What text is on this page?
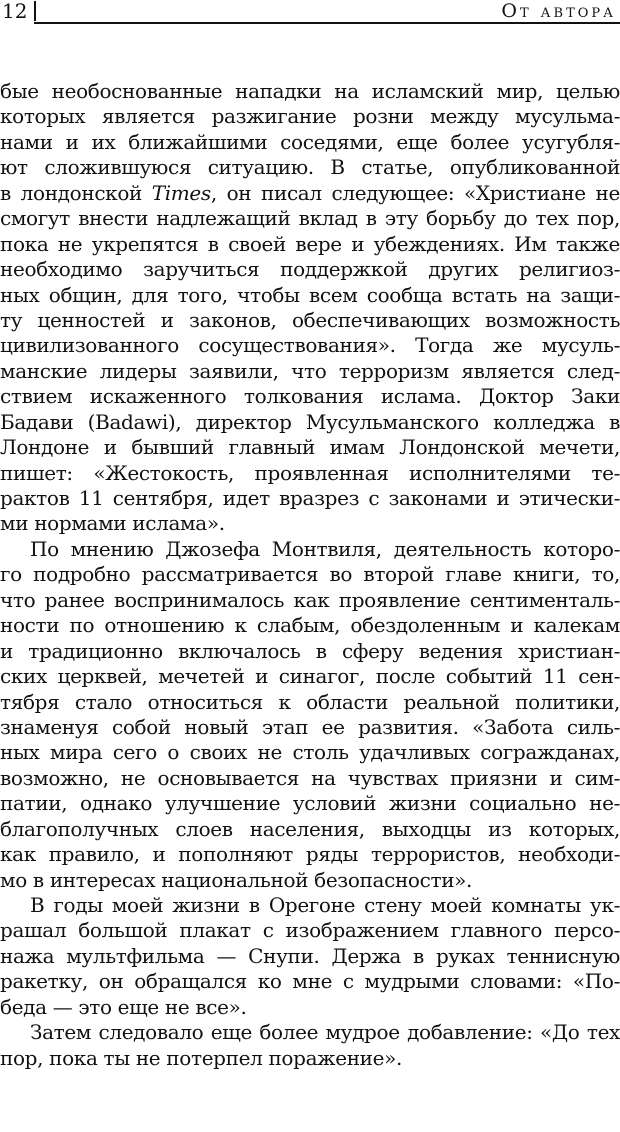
12	От автора
бые необоснованные нападки на исламский мир, целью
которых является разжигание розни между мусульма-
нами и их ближайшими соседями, еще более усугубля-
ют сложившуюся ситуацию. В статье, опубликованной
в лондонской Times, он писал следующее: «Христиане не
смогут внести надлежащий вклад в эту борьбу до тех пор,
пока не укрепятся в своей вере и убеждениях. Им также
необходимо заручиться поддержкой других религиоз-
ных общин, для того, чтобы всем сообща встать на защи-
ту ценностей и законов, обеспечивающих возможность
цивилизованного сосуществования». Тогда же мусуль-
манские лидеры заявили, что терроризм является след-
ствием искаженного толкования ислама. Доктор Заки
Бадави (Badawi), директор Мусульманского колледжа в
Лондоне и бывший главный имам Лондонской мечети,
пишет: «Жестокость, проявленная исполнителями те-
рактов 11 сентября, идет вразрез с законами и этически-
ми нормами ислама».
По мнению Джозефа Монтвиля, деятельность которо-
го подробно рассматривается во второй главе книги, то,
что ранее воспринималось как проявление сентименталь-
ности по отношению к слабым, обездоленным и калекам
и традиционно включалось в сферу ведения христиан-
ских церквей, мечетей и синагог, после событий 11 сен-
тября стало относиться к области реальной политики,
знаменуя собой новый этап ее развития. «Забота силь-
ных мира сего о своих не столь удачливых согражданах,
возможно, не основывается на чувствах приязни и сим-
патии, однако улучшение условий жизни социально не-
благополучных слоев населения, выходцы из которых,
как правило, и пополняют ряды террористов, необходи-
мо в интересах национальной безопасности».
В годы моей жизни в Орегоне стену моей комнаты ук-
рашал большой плакат с изображением главного персо-
нажа мультфильма — Снупи. Держа в руках теннисную
ракетку, он обращался ко мне с мудрыми словами: «По-
беда — это еще не все».
Затем следовало еще более мудрое добавление: «До тех
пор, пока ты не потерпел поражение».
